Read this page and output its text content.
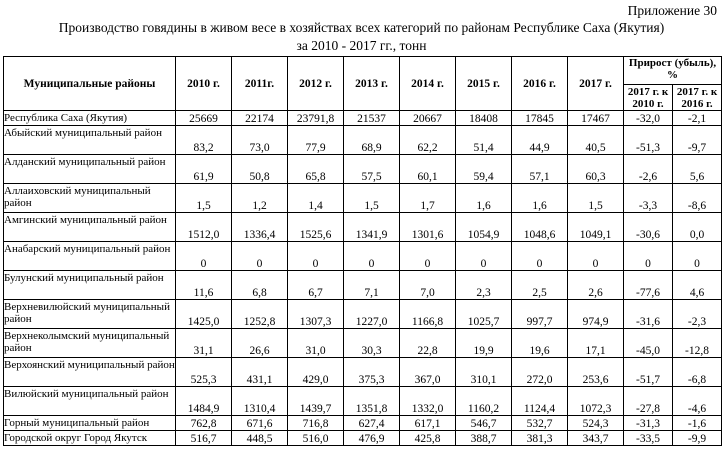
Приложение 30
Производство говядины в живом весе в хозяйствах всех категорий по районам Республике Саха (Якутия)
за 2010 - 2017 гг., тонн
Муниципальные районы	2010 г.	2011г.	2012 г.	2013 г.	2014 г.	2015 г.	2016 г.	2017 г.	Прирост (убыль), %	
									2017 г. к 2010 г.	2017 г. к 2016 г.
Республика Саха (Якутия)	25669	22174	23791,8	21537	20667	18408	17845	17467	-32,0	-2,1
Абыйский муниципальный район	83,2	73,0	77,9	68,9	62,2	51,4	44,9	40,5	-51,3	-9,7
Алданский муниципальный район	61,9	50,8	65,8	57,5	60,1	59,4	57,1	60,3	-2,6	5,6
Аллаиховский муниципальный район	1,5	1,2	1,4	1,5	1,7	1,6	1,6	1,5	-3,3	-8,6
Амгинский муниципальный район	1512,0	1336,4	1525,6	1341,9	1301,6	1054,9	1048,6	1049,1	-30,6	0,0
Анабарский муниципальный район	0	0	0	0	0	0	0	0	0	0
Булунский муниципальный район	11,6	6,8	6,7	7,1	7,0	2,3	2,5	2,6	-77,6	4,6
Верхневилюйский муниципальный район	1425,0	1252,8	1307,3	1227,0	1166,8	1025,7	997,7	974,9	-31,6	-2,3
Верхнеколымский муниципальный район	31,1	26,6	31,0	30,3	22,8	19,9	19,6	17,1	-45,0	-12,8
Верхоянский муниципальный район	525,3	431,1	429,0	375,3	367,0	310,1	272,0	253,6	-51,7	-6,8
Вилюйский муниципальный район	1484,9	1310,4	1439,7	1351,8	1332,0	1160,2	1124,4	1072,3	-27,8	-4,6
Горный муниципальный район	762,8	671,6	716,8	627,4	617,1	546,7	532,7	524,3	-31,3	-1,6
Городской округ Город Якутск	516,7	448,5	516,0	476,9	425,8	388,7	381,3	343,7	-33,5	-9,9
